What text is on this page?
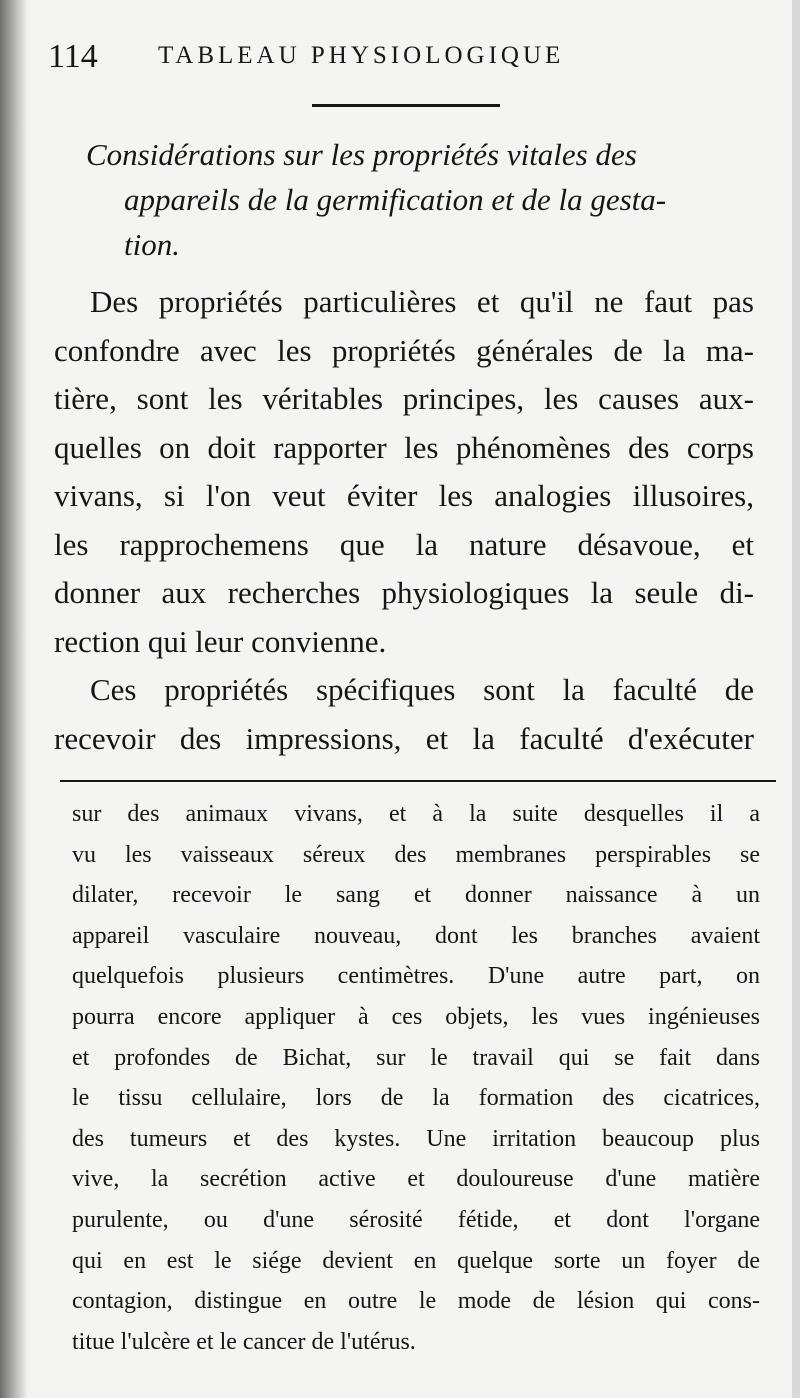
114 TABLEAU PHYSIOLOGIQUE
Considérations sur les propriétés vitales des
appareils de la germification et de la gesta-
tion.
Des propriétés particulières et qu'il ne faut pas
confondre avec les propriétés générales de la ma-
tière, sont les véritables principes, les causes aux-
quelles on doit rapporter les phénomènes des corps
vivans, si l'on veut éviter les analogies illusoires,
les rapprochemens que la nature désavoue, et
donner aux recherches physiologiques la seule di-
rection qui leur convienne.
Ces propriétés spécifiques sont la faculté de
recevoir des impressions, et la faculté d'exécuter
sur des animaux vivans, et à la suite desquelles il a
vu les vaisseaux séreux des membranes perspirables se
dilater, recevoir le sang et donner naissance à un
appareil vasculaire nouveau, dont les branches avaient
quelquefois plusieurs centimètres. D'une autre part, on
pourra encore appliquer à ces objets, les vues ingénieuses
et profondes de Bichat, sur le travail qui se fait dans
le tissu cellulaire, lors de la formation des cicatrices,
des tumeurs et des kystes. Une irritation beaucoup plus
vive, la secrétion active et douloureuse d'une matière
purulente, ou d'une sérosité fétide, et dont l'organe
qui en est le siége devient en quelque sorte un foyer de
contagion, distingue en outre le mode de lésion qui cons-
titue l'ulcère et le cancer de l'utérus.
